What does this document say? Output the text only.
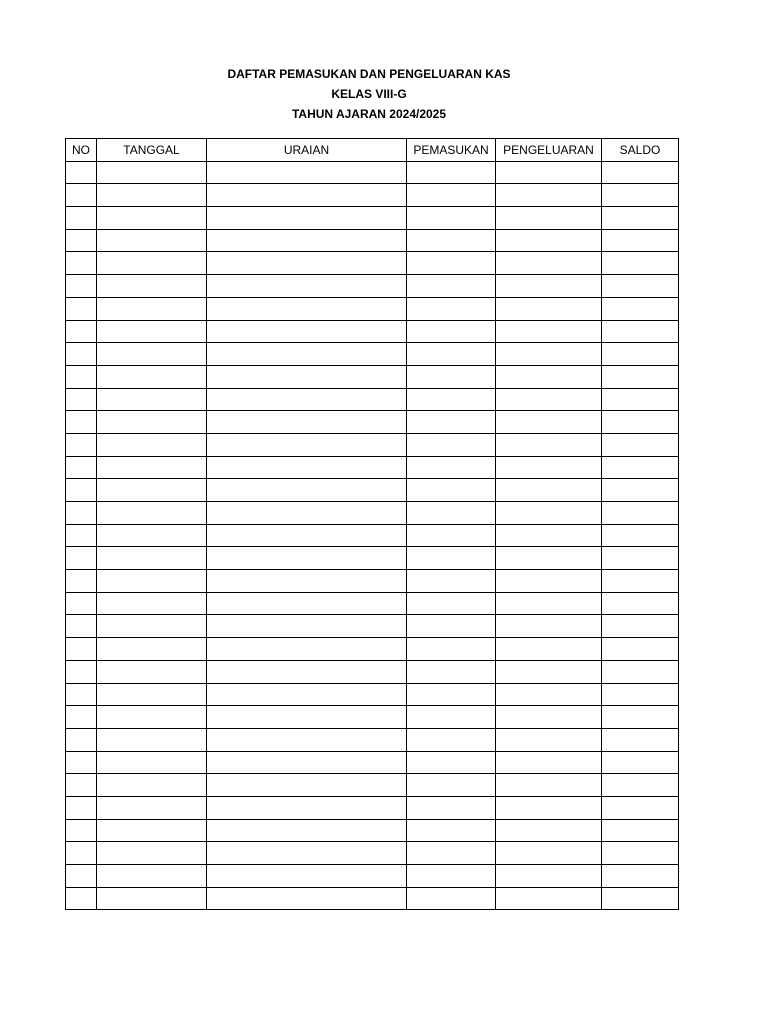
DAFTAR PEMASUKAN DAN PENGELUARAN KAS
KELAS VIII-G
TAHUN AJARAN 2024/2025
NO	TANGGAL	URAIAN	PEMASUKAN	PENGELUARAN	SALDO
